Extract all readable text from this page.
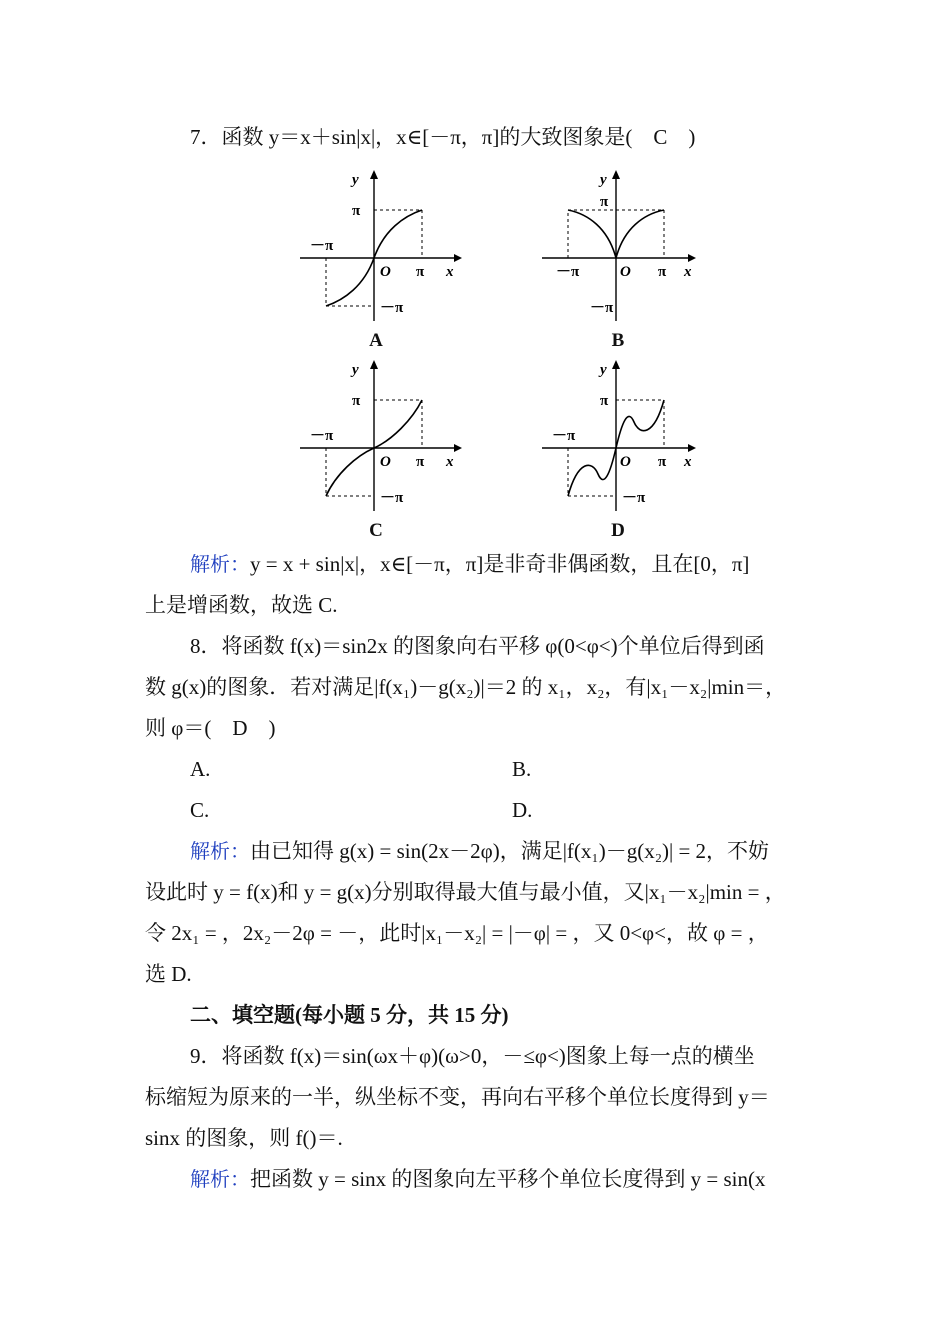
7．函数 y＝x＋sin|x|，x∈[－π，π]的大致图象是(　C　)
y
x
O π
π
－π
－π
A
y
x
O π
π
－π
－π
B
y
x
O π
π
－π
－π
C
y
x
O π
π
－π
－π
D
解析：y = x + sin|x|，x∈[－π，π]是非奇非偶函数，且在[0，π]
上是增函数，故选 C.
8．将函数 f(x)＝sin2x 的图象向右平移 φ(0<φ<)个单位后得到函
数 g(x)的图象．若对满足|f(x₁)－g(x₂)|＝2 的 x₁，x₂，有|x₁－x₂|min＝，
则 φ＝(　D　)
A.	B.
C.	D.
解析：由已知得 g(x) = sin(2x－2φ)，满足|f(x₁)－g(x₂)| = 2，不妨
设此时 y = f(x)和 y = g(x)分别取得最大值与最小值，又|x₁－x₂|min = ，
令 2x₁ = ，2x₂－2φ = －，此时|x₁－x₂| = |－φ| = ，又 0<φ<，故 φ = ，
选 D.
二、填空题(每小题 5 分，共 15 分)
9．将函数 f(x)＝sin(ωx＋φ)(ω>0，－≤φ<)图象上每一点的横坐
标缩短为原来的一半，纵坐标不变，再向右平移个单位长度得到 y＝
sinx 的图象，则 f()＝.
解析：把函数 y = sinx 的图象向左平移个单位长度得到 y = sin(x
